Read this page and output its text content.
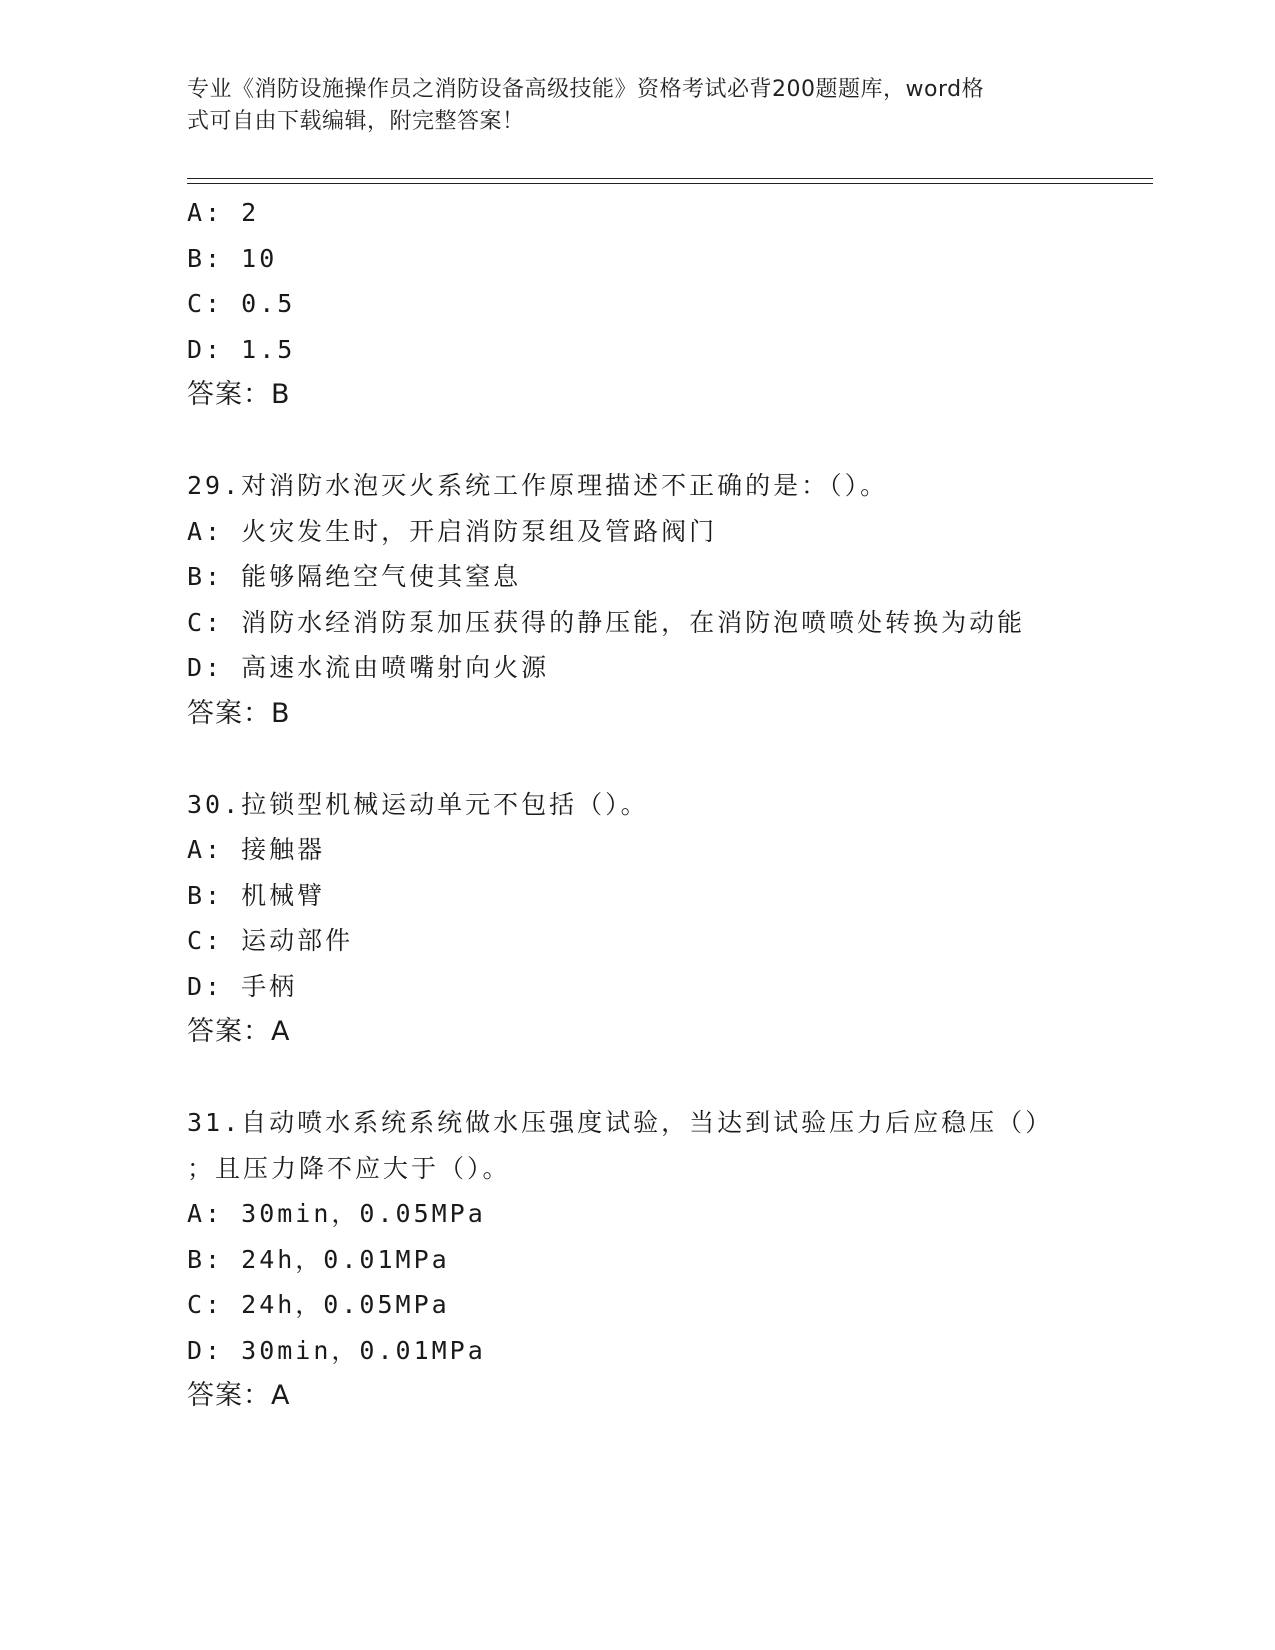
专业《消防设施操作员之消防设备高级技能》资格考试必背200题题库，word格
式可自由下载编辑，附完整答案！
A: 2
B: 10
C: 0.5
D: 1.5
答案：B
29.对消防水泡灭火系统工作原理描述不正确的是：（）。
A: 火灾发生时，开启消防泵组及管路阀门
B: 能够隔绝空气使其窒息
C: 消防水经消防泵加压获得的静压能，在消防泡喷喷处转换为动能
D: 高速水流由喷嘴射向火源
答案：B
30.拉锁型机械运动单元不包括（）。
A: 接触器
B: 机械臂
C: 运动部件
D: 手柄
答案：A
31.自动喷水系统系统做水压强度试验，当达到试验压力后应稳压（）
；且压力降不应大于（）。
A: 30min，0.05MPa
B: 24h，0.01MPa
C: 24h，0.05MPa
D: 30min，0.01MPa
答案：A
